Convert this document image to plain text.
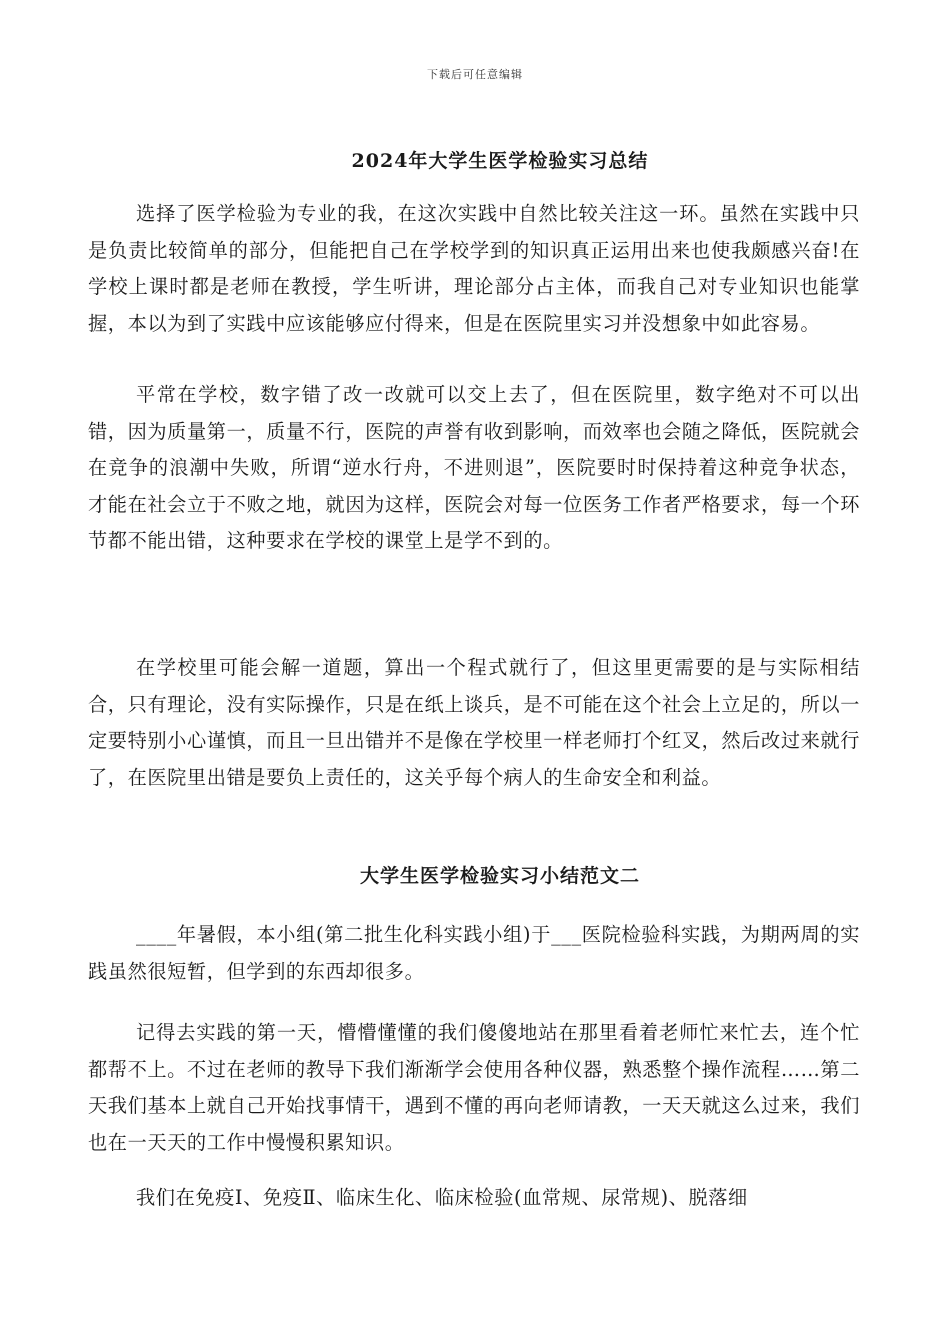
下载后可任意编辑
2024年大学生医学检验实习总结

选择了医学检验为专业的我，在这次实践中自然比较关注这一环。虽然在实践中只是负责比较简单的部分，但能把自己在学校学到的知识真正运用出来也使我颇感兴奋!在学校上课时都是老师在教授，学生听讲，理论部分占主体，而我自己对专业知识也能掌握，本以为到了实践中应该能够应付得来，但是在医院里实习并没想象中如此容易。

平常在学校，数字错了改一改就可以交上去了，但在医院里，数字绝对不可以出错，因为质量第一，质量不行，医院的声誉有收到影响，而效率也会随之降低，医院就会在竞争的浪潮中失败，所谓“逆水行舟，不进则退”，医院要时时保持着这种竞争状态，才能在社会立于不败之地，就因为这样，医院会对每一位医务工作者严格要求，每一个环节都不能出错，这种要求在学校的课堂上是学不到的。

在学校里可能会解一道题，算出一个程式就行了，但这里更需要的是与实际相结合，只有理论，没有实际操作，只是在纸上谈兵，是不可能在这个社会上立足的，所以一定要特别小心谨慎，而且一旦出错并不是像在学校里一样老师打个红叉，然后改过来就行了，在医院里出错是要负上责任的，这关乎每个病人的生命安全和利益。

大学生医学检验实习小结范文二

____年暑假，本小组(第二批生化科实践小组)于___医院检验科实践，为期两周的实践虽然很短暂，但学到的东西却很多。

记得去实践的第一天，懵懵懂懂的我们傻傻地站在那里看着老师忙来忙去，连个忙都帮不上。不过在老师的教导下我们渐渐学会使用各种仪器，熟悉整个操作流程……第二天我们基本上就自己开始找事情干，遇到不懂的再向老师请教，一天天就这么过来，我们也在一天天的工作中慢慢积累知识。

我们在免疫Ⅰ、免疫Ⅱ、临床生化、临床检验(血常规、尿常规)、脱落细
